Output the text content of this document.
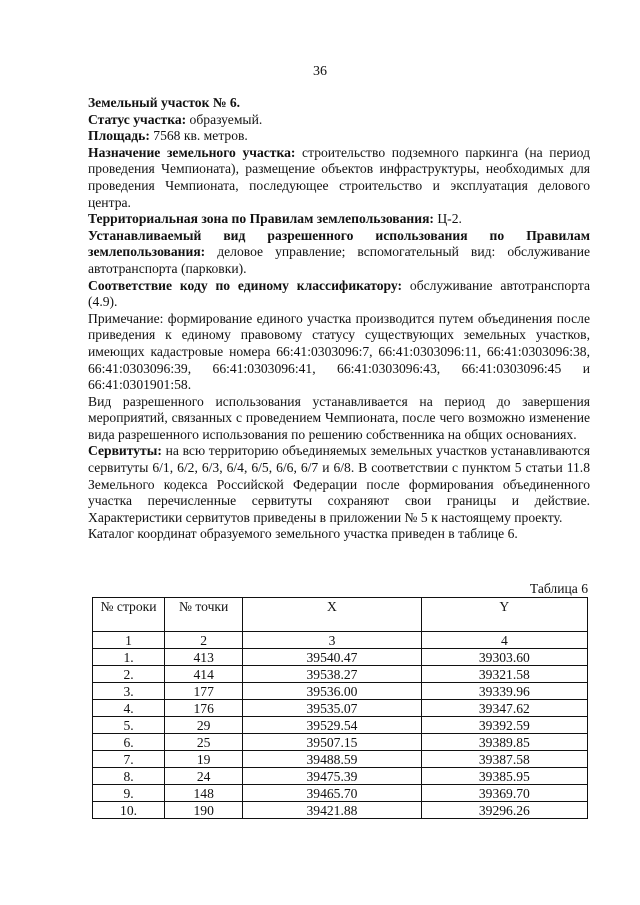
36

Земельный участок № 6.

Статус участка: образуемый.

Площадь: 7568 кв. метров.

Назначение земельного участка: строительство подземного паркинга (на период проведения Чемпионата), размещение объектов инфраструктуры, необходимых для проведения Чемпионата, последующее строительство и эксплуатация делового центра.

Территориальная зона по Правилам землепользования: Ц-2.

Устанавливаемый вид разрешенного использования по Правилам землепользования: деловое управление; вспомогательный вид: обслуживание автотранспорта (парковки).

Соответствие коду по единому классификатору: обслуживание автотранспорта (4.9).

Примечание: формирование единого участка производится путем объединения после приведения к единому правовому статусу существующих земельных участков, имеющих кадастровые номера 66:41:0303096:7, 66:41:0303096:11, 66:41:0303096:38, 66:41:0303096:39, 66:41:0303096:41, 66:41:0303096:43, 66:41:0303096:45 и 66:41:0301901:58.

Вид разрешенного использования устанавливается на период до завершения мероприятий, связанных с проведением Чемпионата, после чего возможно изменение вида разрешенного использования по решению собственника на общих основаниях.

Сервитуты: на всю территорию объединяемых земельных участков устанавливаются сервитуты 6/1, 6/2, 6/3, 6/4, 6/5, 6/6, 6/7 и 6/8. В соответствии с пунктом 5 статьи 11.8 Земельного кодекса Российской Федерации после формирования объединенного участка перечисленные сервитуты сохраняют свои границы и действие. Характеристики сервитутов приведены в приложении № 5 к настоящему проекту.

Каталог координат образуемого земельного участка приведен в таблице 6.

Таблица 6
№ строки	№ точки	X	Y
1	2	3	4
1.	413	39540.47	39303.60
2.	414	39538.27	39321.58
3.	177	39536.00	39339.96
4.	176	39535.07	39347.62
5.	29	39529.54	39392.59
6.	25	39507.15	39389.85
7.	19	39488.59	39387.58
8.	24	39475.39	39385.95
9.	148	39465.70	39369.70
10.	190	39421.88	39296.26
